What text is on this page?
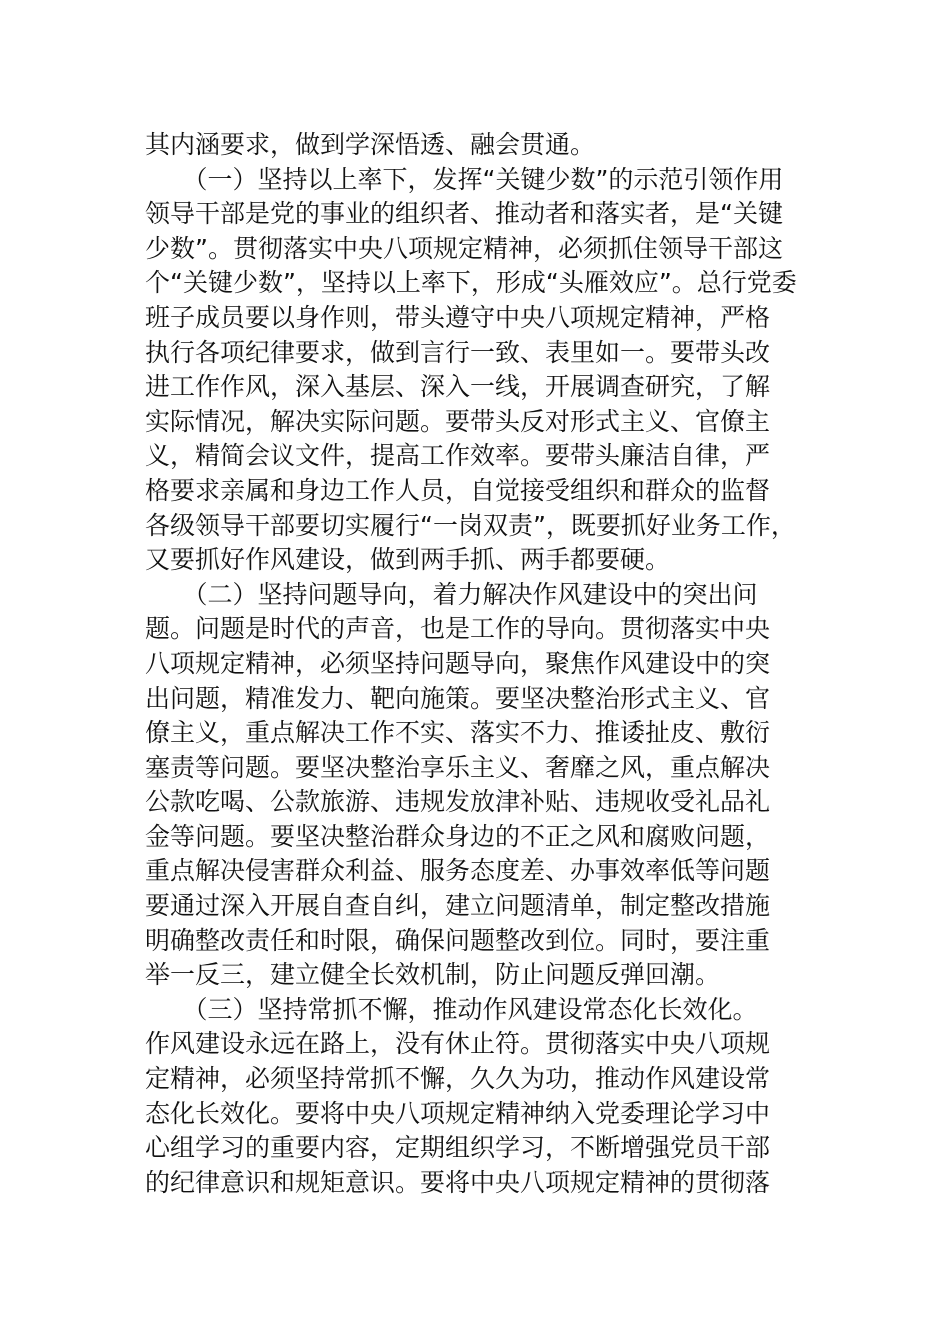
其内涵要求，做到学深悟透、融会贯通。
　　（一）坚持以上率下，发挥“关键少数”的示范引领作用
领导干部是党的事业的组织者、推动者和落实者，是“关键
少数”。贯彻落实中央八项规定精神，必须抓住领导干部这
个“关键少数”，坚持以上率下，形成“头雁效应”。总行党委
班子成员要以身作则，带头遵守中央八项规定精神，严格
执行各项纪律要求，做到言行一致、表里如一。要带头改
进工作作风，深入基层、深入一线，开展调查研究，了解
实际情况，解决实际问题。要带头反对形式主义、官僚主
义，精简会议文件，提高工作效率。要带头廉洁自律，严
格要求亲属和身边工作人员，自觉接受组织和群众的监督
各级领导干部要切实履行“一岗双责”，既要抓好业务工作，
又要抓好作风建设，做到两手抓、两手都要硬。
　　（二）坚持问题导向，着力解决作风建设中的突出问
题。问题是时代的声音，也是工作的导向。贯彻落实中央
八项规定精神，必须坚持问题导向，聚焦作风建设中的突
出问题，精准发力、靶向施策。要坚决整治形式主义、官
僚主义，重点解决工作不实、落实不力、推诿扯皮、敷衍
塞责等问题。要坚决整治享乐主义、奢靡之风，重点解决
公款吃喝、公款旅游、违规发放津补贴、违规收受礼品礼
金等问题。要坚决整治群众身边的不正之风和腐败问题，
重点解决侵害群众利益、服务态度差、办事效率低等问题
要通过深入开展自查自纠，建立问题清单，制定整改措施
明确整改责任和时限，确保问题整改到位。同时，要注重
举一反三，建立健全长效机制，防止问题反弹回潮。
　　（三）坚持常抓不懈，推动作风建设常态化长效化。
作风建设永远在路上，没有休止符。贯彻落实中央八项规
定精神，必须坚持常抓不懈，久久为功，推动作风建设常
态化长效化。要将中央八项规定精神纳入党委理论学习中
心组学习的重要内容，定期组织学习，不断增强党员干部
的纪律意识和规矩意识。要将中央八项规定精神的贯彻落
